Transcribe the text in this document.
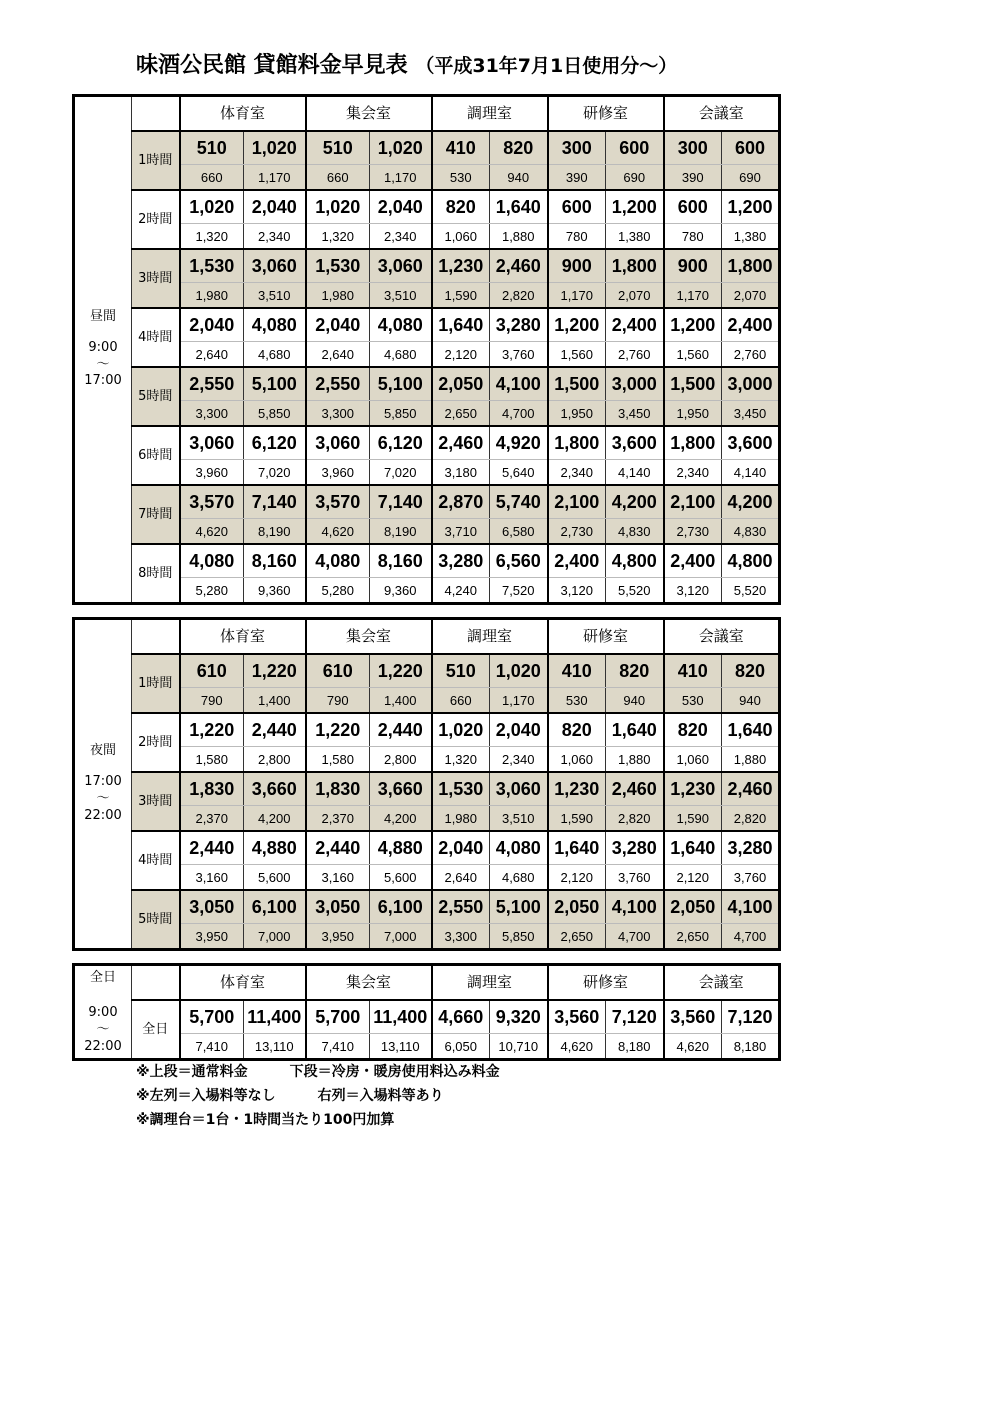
味酒公民館 貸館料金早見表 （平成31年7月1日使用分～）
昼間
9:00
～
17:00		体育室		集会室		調理室		研修室		会議室	
	1時間	510	1,020	510	1,020	410	820	300	600	300	600
		660	1,170	660	1,170	530	940	390	690	390	690
	2時間	1,020	2,040	1,020	2,040	820	1,640	600	1,200	600	1,200
		1,320	2,340	1,320	2,340	1,060	1,880	780	1,380	780	1,380
	3時間	1,530	3,060	1,530	3,060	1,230	2,460	900	1,800	900	1,800
		1,980	3,510	1,980	3,510	1,590	2,820	1,170	2,070	1,170	2,070
	4時間	2,040	4,080	2,040	4,080	1,640	3,280	1,200	2,400	1,200	2,400
		2,640	4,680	2,640	4,680	2,120	3,760	1,560	2,760	1,560	2,760
	5時間	2,550	5,100	2,550	5,100	2,050	4,100	1,500	3,000	1,500	3,000
		3,300	5,850	3,300	5,850	2,650	4,700	1,950	3,450	1,950	3,450
	6時間	3,060	6,120	3,060	6,120	2,460	4,920	1,800	3,600	1,800	3,600
		3,960	7,020	3,960	7,020	3,180	5,640	2,340	4,140	2,340	4,140
	7時間	3,570	7,140	3,570	7,140	2,870	5,740	2,100	4,200	2,100	4,200
		4,620	8,190	4,620	8,190	3,710	6,580	2,730	4,830	2,730	4,830
	8時間	4,080	8,160	4,080	8,160	3,280	6,560	2,400	4,800	2,400	4,800
		5,280	9,360	5,280	9,360	4,240	7,520	3,120	5,520	3,120	5,520
夜間
17:00
～
22:00		体育室		集会室		調理室		研修室		会議室	
	1時間	610	1,220	610	1,220	510	1,020	410	820	410	820
		790	1,400	790	1,400	660	1,170	530	940	530	940
	2時間	1,220	2,440	1,220	2,440	1,020	2,040	820	1,640	820	1,640
		1,580	2,800	1,580	2,800	1,320	2,340	1,060	1,880	1,060	1,880
	3時間	1,830	3,660	1,830	3,660	1,530	3,060	1,230	2,460	1,230	2,460
		2,370	4,200	2,370	4,200	1,980	3,510	1,590	2,820	1,590	2,820
	4時間	2,440	4,880	2,440	4,880	2,040	4,080	1,640	3,280	1,640	3,280
		3,160	5,600	3,160	5,600	2,640	4,680	2,120	3,760	2,120	3,760
	5時間	3,050	6,100	3,050	6,100	2,550	5,100	2,050	4,100	2,050	4,100
		3,950	7,000	3,950	7,000	3,300	5,850	2,650	4,700	2,650	4,700
全日
9:00
～
22:00		体育室		集会室		調理室		研修室		会議室	
	全日	5,700	11,400	5,700	11,400	4,660	9,320	3,560	7,120	3,560	7,120
		7,410	13,110	7,410	13,110	6,050	10,710	4,620	8,180	4,620	8,180
※上段＝通常料金　　　下段＝冷房・暖房使用料込み料金
※左列＝入場料等なし　　　右列＝入場料等あり
※調理台＝1台・1時間当たり100円加算
